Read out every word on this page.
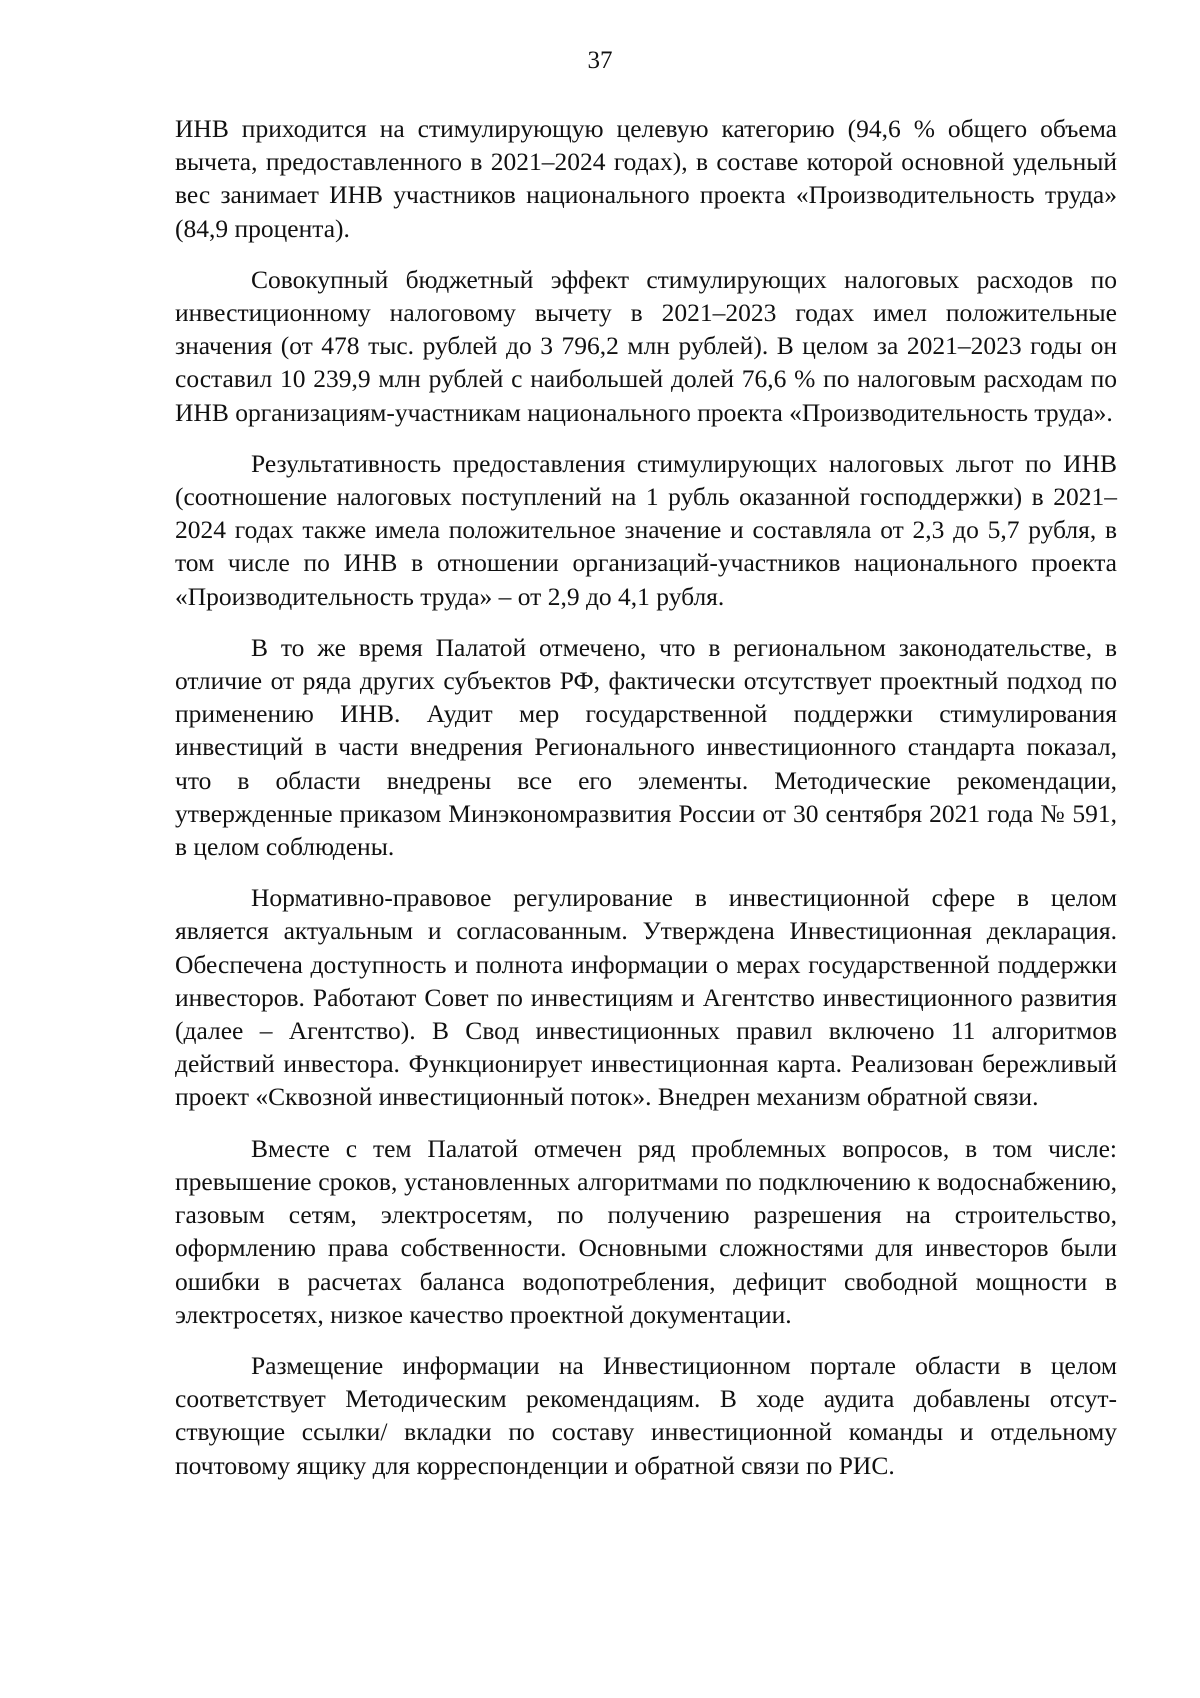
37

ИНВ приходится на стимулирующую целевую категорию (94,6 % общего объема вычета, предоставленного в 2021–2024 годах), в составе которой основной удельный вес занимает ИНВ участников национального проекта «Производительность труда» (84,9 процента).

Совокупный бюджетный эффект стимулирующих налоговых расходов по инвестиционному налоговому вычету в 2021–2023 годах имел положительные значения (от 478 тыс. рублей до 3 796,2 млн рублей). В целом за 2021–2023 годы он составил 10 239,9 млн рублей с наибольшей долей 76,6 % по налоговым расходам по ИНВ организациям-участникам национального проекта «Производительность труда».

Результативность предоставления стимулирующих налоговых льгот по ИНВ (соотношение налоговых поступлений на 1 рубль оказанной господдержки) в 2021–2024 годах также имела положительное значение и составляла от 2,3 до 5,7 рубля, в том числе по ИНВ в отношении организаций-участников национального проекта «Производительность труда» – от 2,9 до 4,1 рубля.

В то же время Палатой отмечено, что в региональном законодательстве, в отличие от ряда других субъектов РФ, фактически отсутствует проектный подход по применению ИНВ. Аудит мер государственной поддержки стимулирования инвестиций в части внедрения Регионального инвестиционного стандарта показал, что в области внедрены все его элементы. Методические рекомендации, утвержденные приказом Минэкономразвития России от 30 сентября 2021 года № 591, в целом соблюдены.

Нормативно-правовое регулирование в инвестиционной сфере в целом является актуальным и согласованным. Утверждена Инвестиционная декларация. Обеспечена доступность и полнота информации о мерах государственной поддержки инвесторов. Работают Совет по инвестициям и Агентство инвестиционного развития (далее – Агентство). В Свод инвестиционных правил включено 11 алгоритмов действий инвестора. Функционирует инвестиционная карта. Реализован бережливый проект «Сквозной инвестиционный поток». Внедрен механизм обратной связи.

Вместе с тем Палатой отмечен ряд проблемных вопросов, в том числе: превышение сроков, установленных алгоритмами по подключению к водоснабжению, газовым сетям, электросетям, по получению разрешения на строительство, оформлению права собственности. Основными сложностями для инвесторов были ошибки в расчетах баланса водопотребления, дефицит свободной мощности в электросетях, низкое качество проектной документации.

Размещение информации на Инвестиционном портале области в целом соответствует Методическим рекомендациям. В ходе аудита добавлены отсутствующие ссылки/ вкладки по составу инвестиционной команды и отдельному почтовому ящику для корреспонденции и обратной связи по РИС.
